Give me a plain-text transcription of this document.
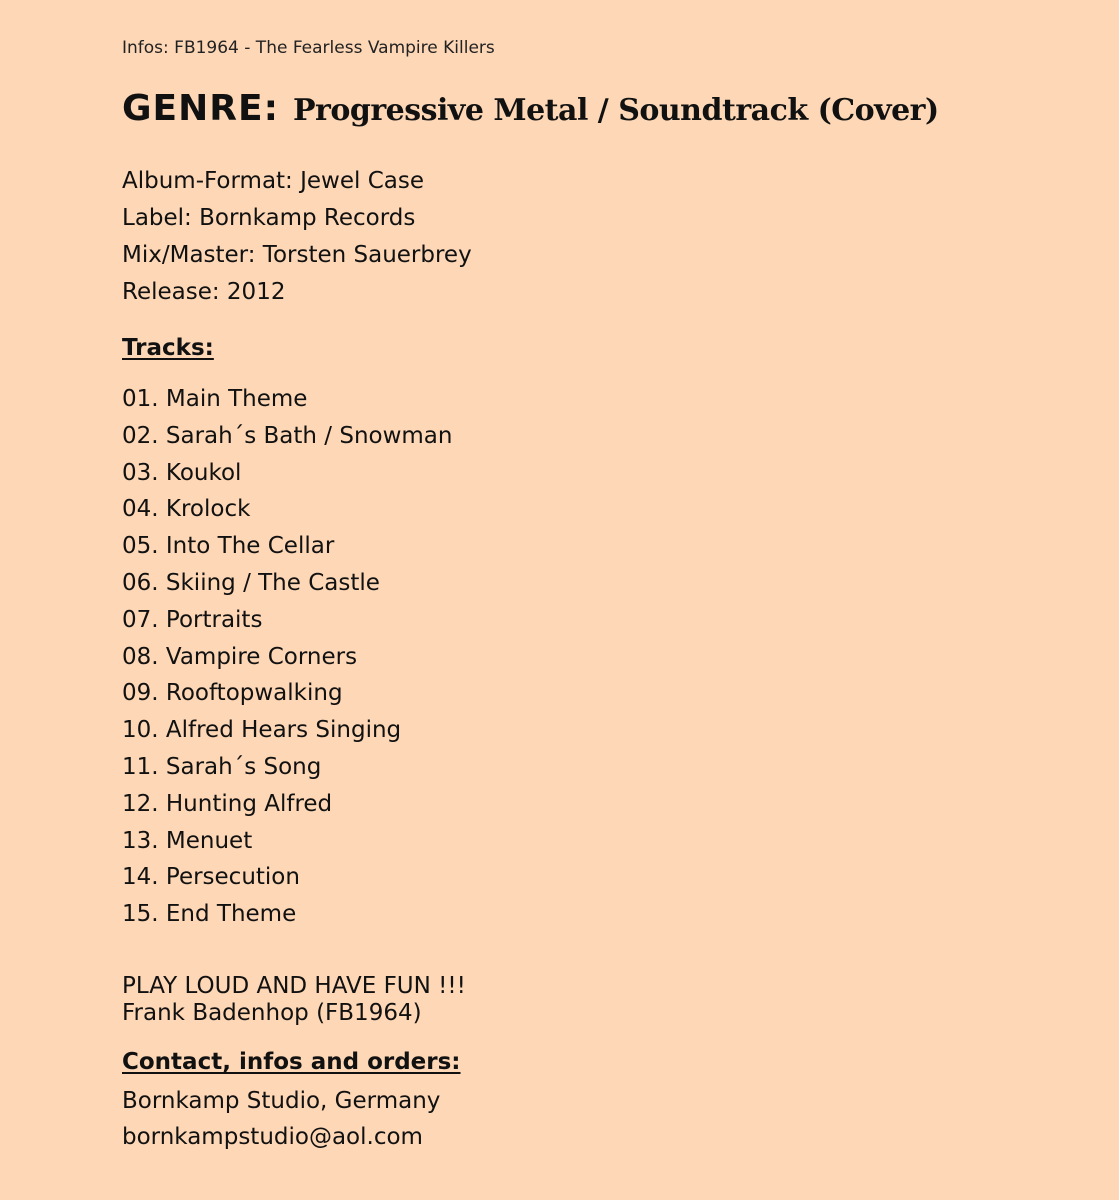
Infos: FB1964 - The Fearless Vampire Killers

GENRE: Progressive Metal / Soundtrack (Cover)
Album-Format: Jewel Case
Label: Bornkamp Records
Mix/Master: Torsten Sauerbrey
Release: 2012
Tracks:
01. Main Theme
02. Sarah´s Bath / Snowman
03. Koukol
04. Krolock
05. Into The Cellar
06. Skiing / The Castle
07. Portraits
08. Vampire Corners
09. Rooftopwalking
10. Alfred Hears Singing
11. Sarah´s Song
12. Hunting Alfred
13. Menuet
14. Persecution
15. End Theme
PLAY LOUD AND HAVE FUN !!!
Frank Badenhop (FB1964)
Contact, infos and orders:
Bornkamp Studio, Germany
bornkampstudio@aol.com
